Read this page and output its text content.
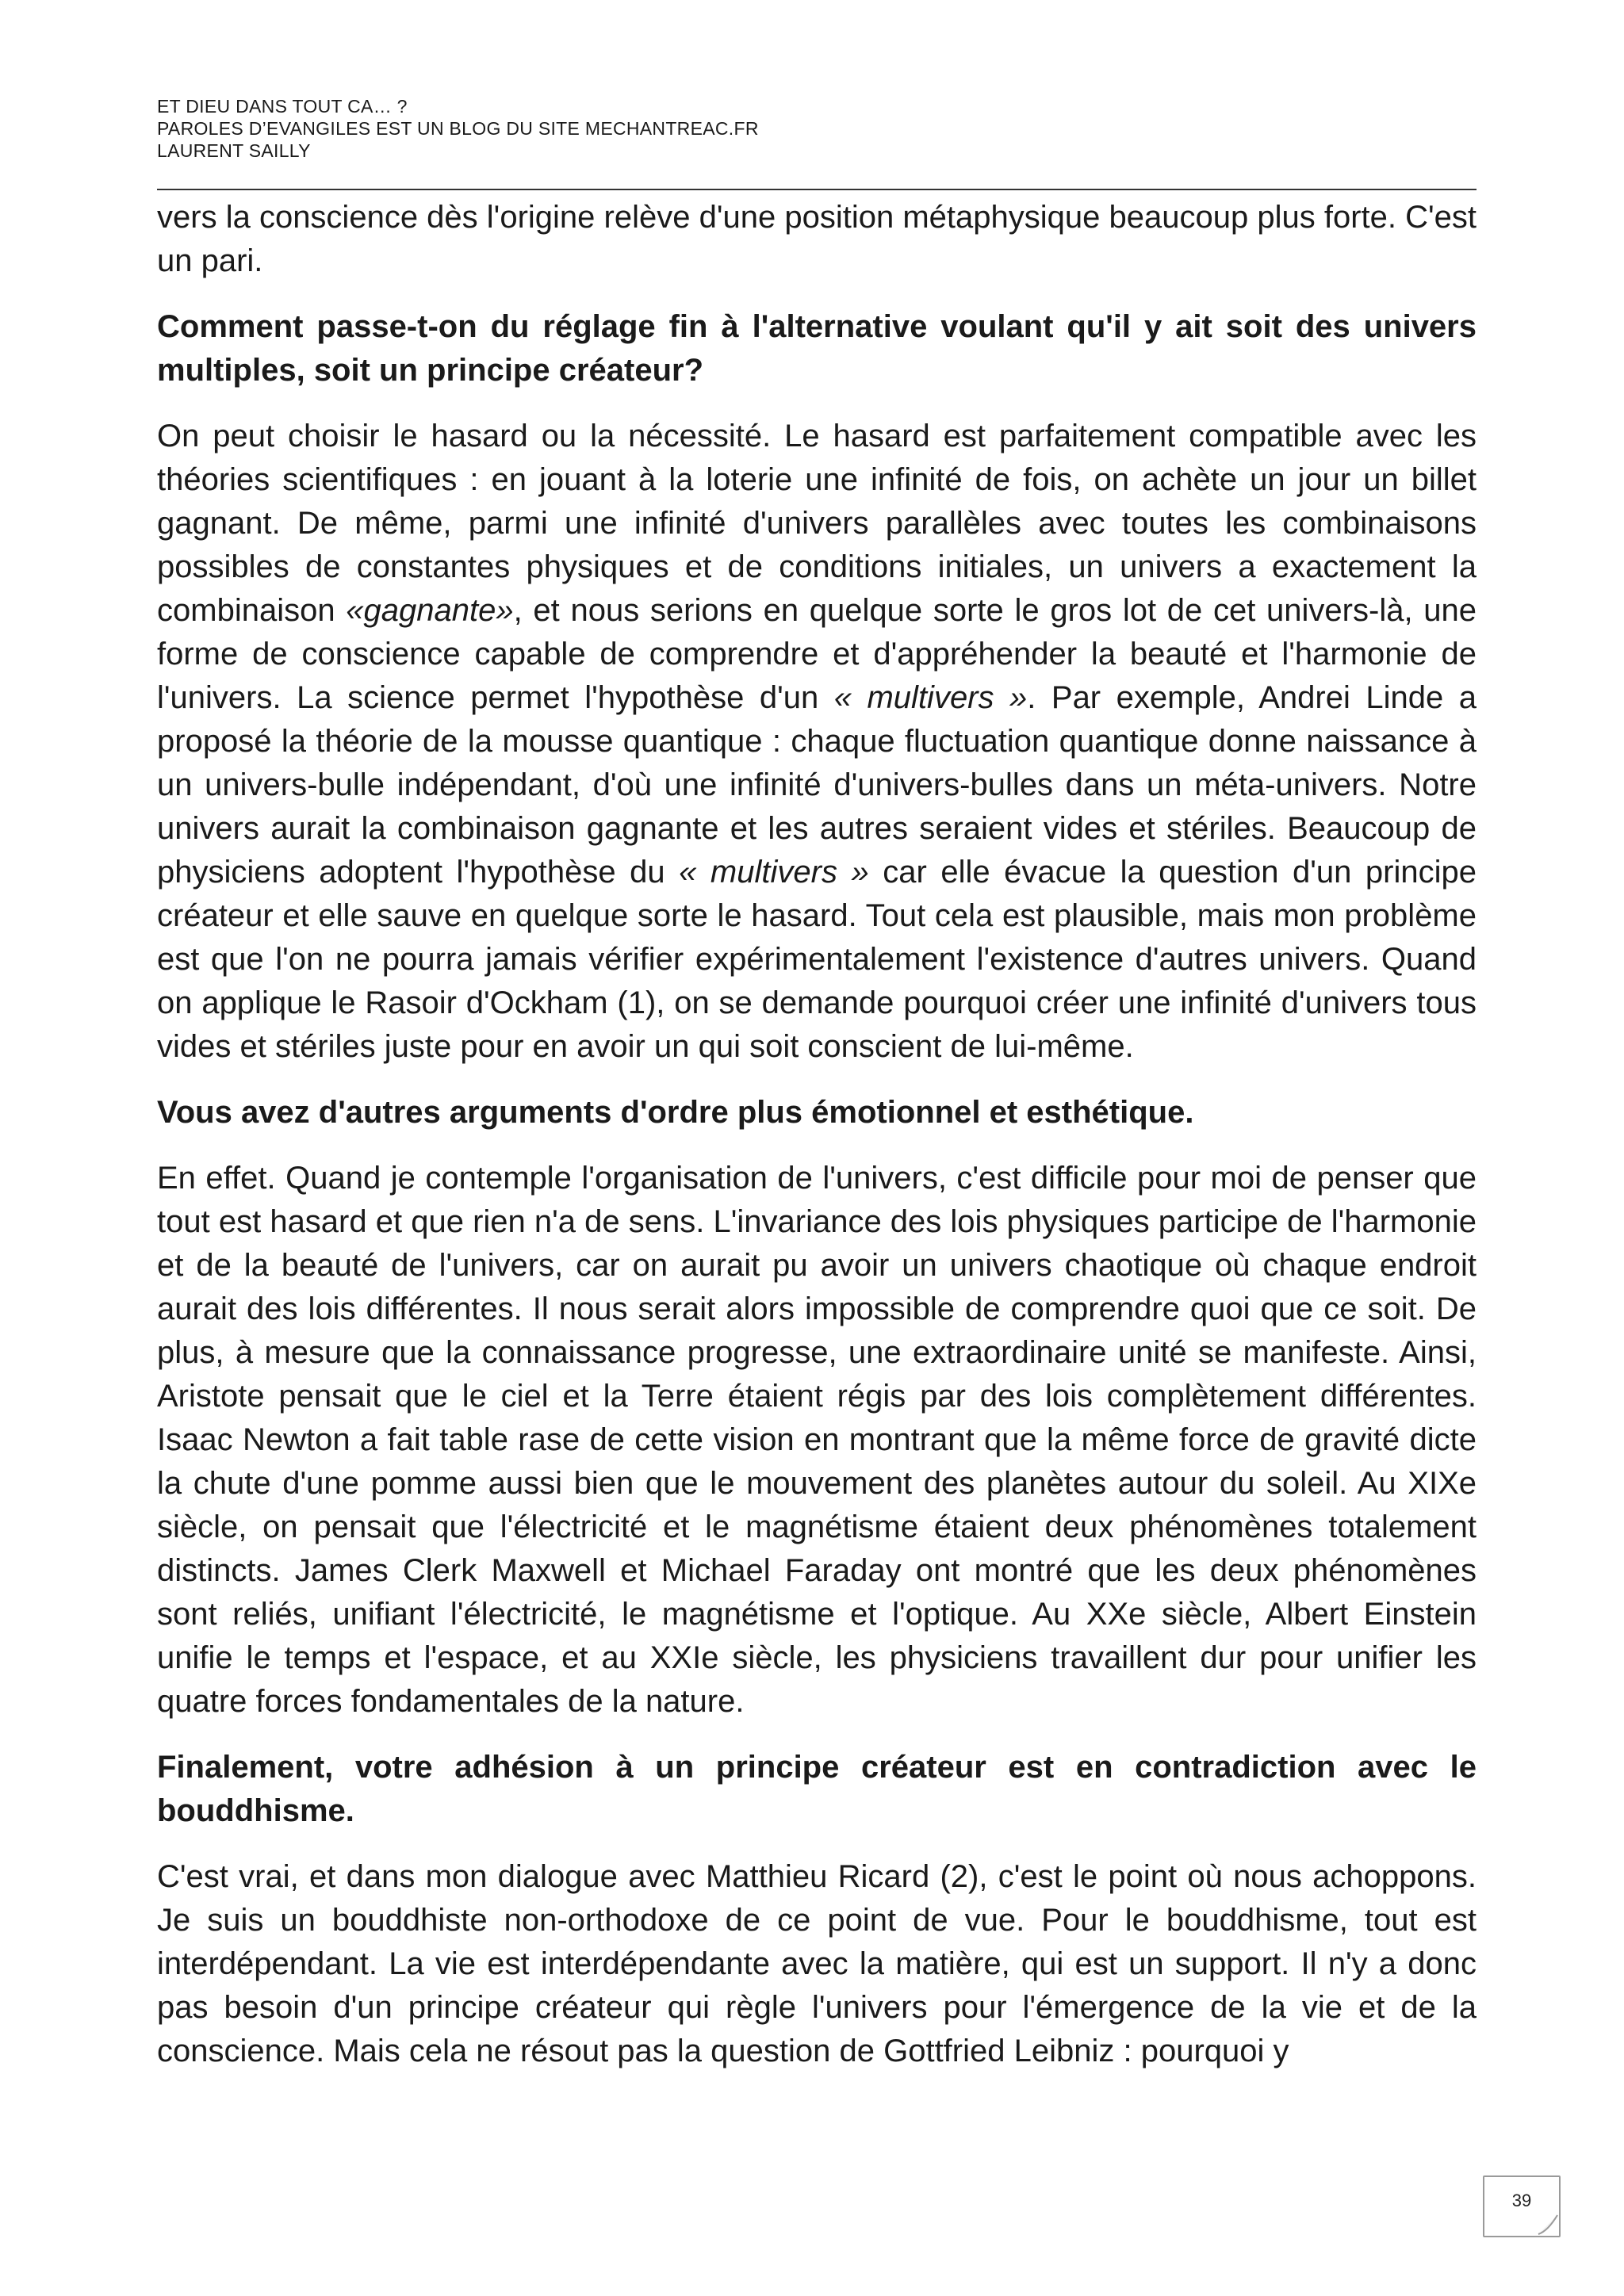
ET DIEU DANS TOUT CA… ?
PAROLES D’EVANGILES EST UN BLOG DU SITE MECHANTREAC.FR
LAURENT SAILLY

vers la conscience dès l'origine relève d'une position métaphysique beaucoup plus forte. C'est un pari.

Comment passe-t-on du réglage fin à l'alternative voulant qu'il y ait soit des univers multiples, soit un principe créateur?

On peut choisir le hasard ou la nécessité. Le hasard est parfaitement compatible avec les théories scientifiques : en jouant à la loterie une infinité de fois, on achète un jour un billet gagnant. De même, parmi une infinité d'univers parallèles avec toutes les combinaisons possibles de constantes physiques et de conditions initiales, un univers a exactement la combinaison «gagnante», et nous serions en quelque sorte le gros lot de cet univers-là, une forme de conscience capable de comprendre et d'appréhender la beauté et l'harmonie de l'univers. La science permet l'hypothèse d'un « multivers ». Par exemple, Andrei Linde a proposé la théorie de la mousse quantique : chaque fluctuation quantique donne naissance à un univers-bulle indépendant, d'où une infinité d'univers-bulles dans un méta-univers. Notre univers aurait la combinaison gagnante et les autres seraient vides et stériles. Beaucoup de physiciens adoptent l'hypothèse du « multivers » car elle évacue la question d'un principe créateur et elle sauve en quelque sorte le hasard. Tout cela est plausible, mais mon problème est que l'on ne pourra jamais vérifier expérimentalement l'existence d'autres univers. Quand on applique le Rasoir d'Ockham (1), on se demande pourquoi créer une infinité d'univers tous vides et stériles juste pour en avoir un qui soit conscient de lui-même.

Vous avez d'autres arguments d'ordre plus émotionnel et esthétique.

En effet. Quand je contemple l'organisation de l'univers, c'est difficile pour moi de penser que tout est hasard et que rien n'a de sens. L'invariance des lois physiques participe de l'harmonie et de la beauté de l'univers, car on aurait pu avoir un univers chaotique où chaque endroit aurait des lois différentes. Il nous serait alors impossible de comprendre quoi que ce soit. De plus, à mesure que la connaissance progresse, une extraordinaire unité se manifeste. Ainsi, Aristote pensait que le ciel et la Terre étaient régis par des lois complètement différentes. Isaac Newton a fait table rase de cette vision en montrant que la même force de gravité dicte la chute d'une pomme aussi bien que le mouvement des planètes autour du soleil. Au XIXe siècle, on pensait que l'électricité et le magnétisme étaient deux phénomènes totalement distincts. James Clerk Maxwell et Michael Faraday ont montré que les deux phénomènes sont reliés, unifiant l'électricité, le magnétisme et l'optique. Au XXe siècle, Albert Einstein unifie le temps et l'espace, et au XXIe siècle, les physiciens travaillent dur pour unifier les quatre forces fondamentales de la nature.

Finalement, votre adhésion à un principe créateur est en contradiction avec le bouddhisme.

C'est vrai, et dans mon dialogue avec Matthieu Ricard (2), c'est le point où nous achoppons. Je suis un bouddhiste non-orthodoxe de ce point de vue. Pour le bouddhisme, tout est interdépendant. La vie est interdépendante avec la matière, qui est un support. Il n'y a donc pas besoin d'un principe créateur qui règle l'univers pour l'émergence de la vie et de la conscience. Mais cela ne résout pas la question de Gottfried Leibniz : pourquoi y

39
